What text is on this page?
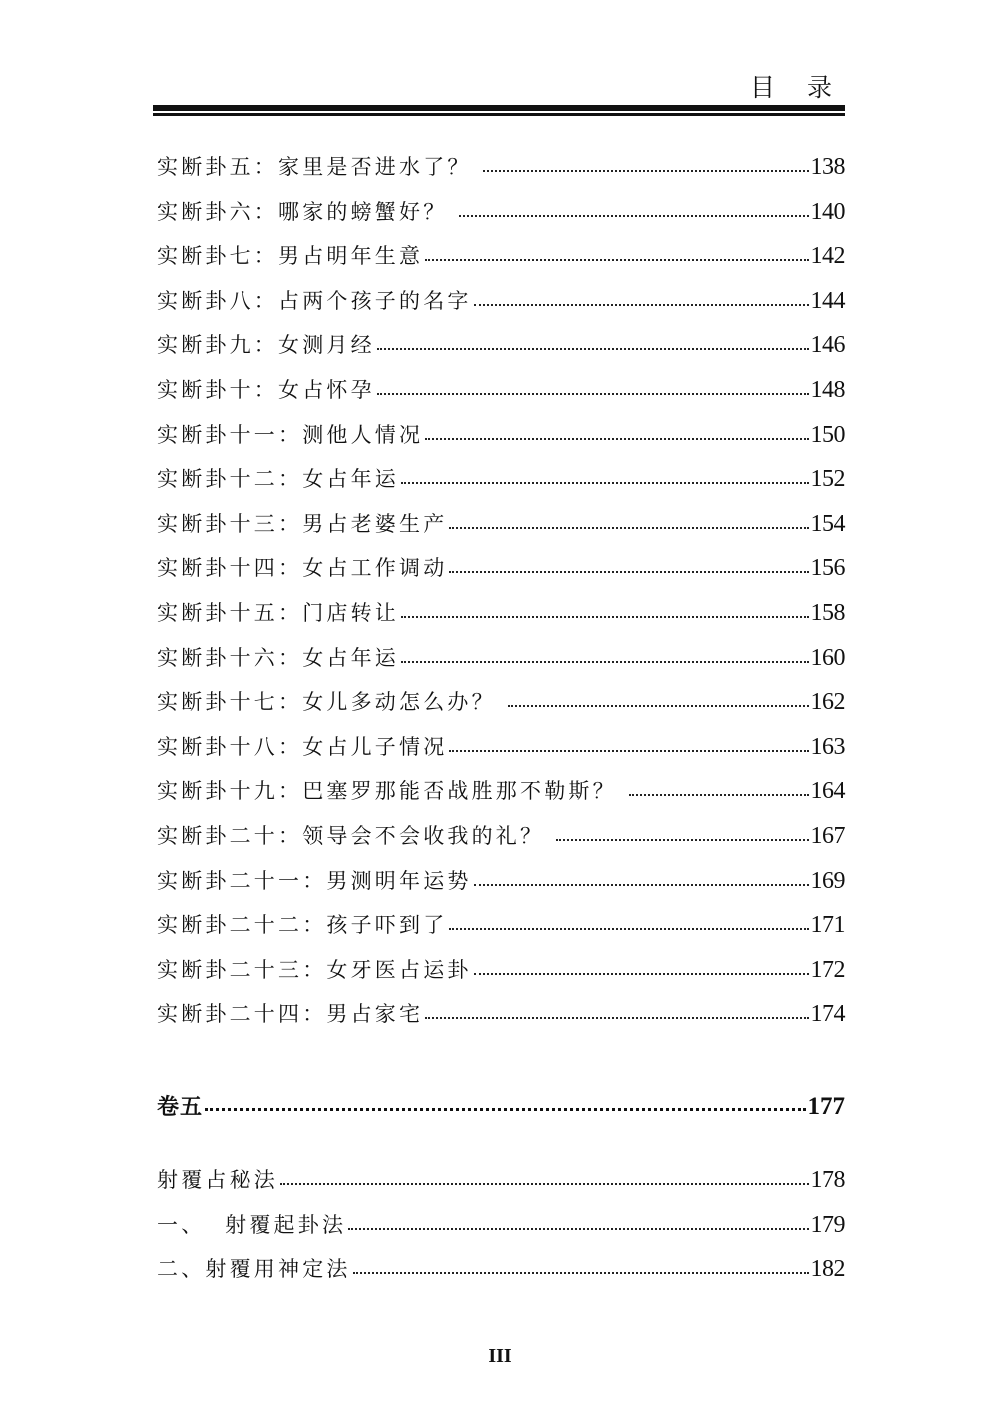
目 录
实断卦五：家里是否进水了？	138
实断卦六：哪家的螃蟹好？	140
实断卦七：男占明年生意	142
实断卦八：占两个孩子的名字	144
实断卦九：女测月经	146
实断卦十：女占怀孕	148
实断卦十一：测他人情况	150
实断卦十二：女占年运	152
实断卦十三：男占老婆生产	154
实断卦十四：女占工作调动	156
实断卦十五：门店转让	158
实断卦十六：女占年运	160
实断卦十七：女儿多动怎么办？	162
实断卦十八：女占儿子情况	163
实断卦十九：巴塞罗那能否战胜那不勒斯？	164
实断卦二十：领导会不会收我的礼？	167
实断卦二十一：男测明年运势	169
实断卦二十二：孩子吓到了	171
实断卦二十三：女牙医占运卦	172
实断卦二十四：男占家宅	174
卷五	177
射覆占秘法	178
一、  射覆起卦法	179
二、射覆用神定法	182
III
